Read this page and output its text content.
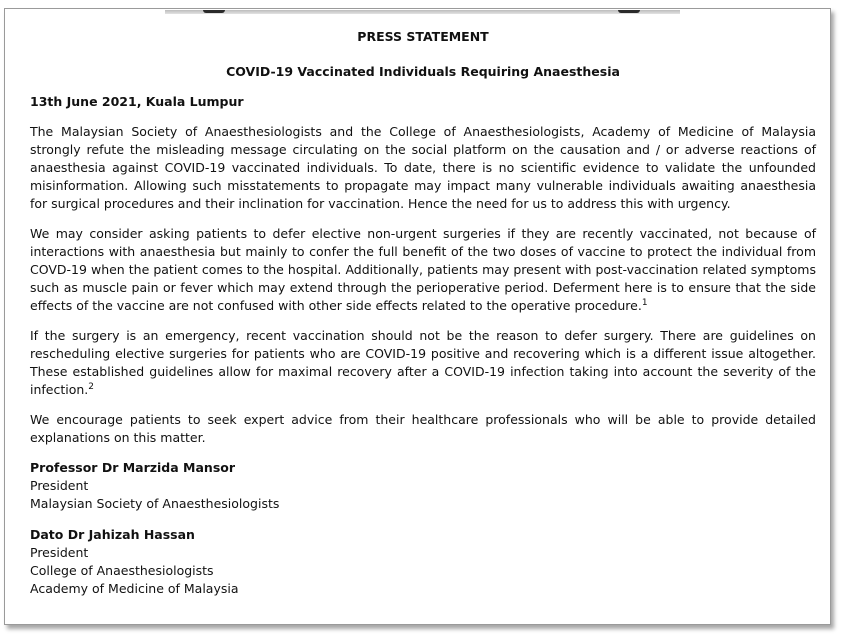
PRESS STATEMENT
COVID-19 Vaccinated Individuals Requiring Anaesthesia
13th June 2021, Kuala Lumpur

The Malaysian Society of Anaesthesiologists and the College of Anaesthesiologists, Academy of Medicine of Malaysia strongly refute the misleading message circulating on the social platform on the causation and / or adverse reactions of anaesthesia against COVID-19 vaccinated individuals. To date, there is no scientific evidence to validate the unfounded misinformation. Allowing such misstatements to propagate may impact many vulnerable individuals awaiting anaesthesia for surgical procedures and their inclination for vaccination. Hence the need for us to address this with urgency.

We may consider asking patients to defer elective non-urgent surgeries if they are recently vaccinated, not because of interactions with anaesthesia but mainly to confer the full benefit of the two doses of vaccine to protect the individual from COVD-19 when the patient comes to the hospital. Additionally, patients may present with post-vaccination related symptoms such as muscle pain or fever which may extend through the perioperative period. Deferment here is to ensure that the side effects of the vaccine are not confused with other side effects related to the operative procedure.$^1$

If the surgery is an emergency, recent vaccination should not be the reason to defer surgery. There are guidelines on rescheduling elective surgeries for patients who are COVID-19 positive and recovering which is a different issue altogether. These established guidelines allow for maximal recovery after a COVID-19 infection taking into account the severity of the infection.$^2$

We encourage patients to seek expert advice from their healthcare professionals who will be able to provide detailed explanations on this matter.

Professor Dr Marzida Mansor
President
Malaysian Society of Anaesthesiologists
Dato Dr Jahizah Hassan
President
College of Anaesthesiologists
Academy of Medicine of Malaysia
